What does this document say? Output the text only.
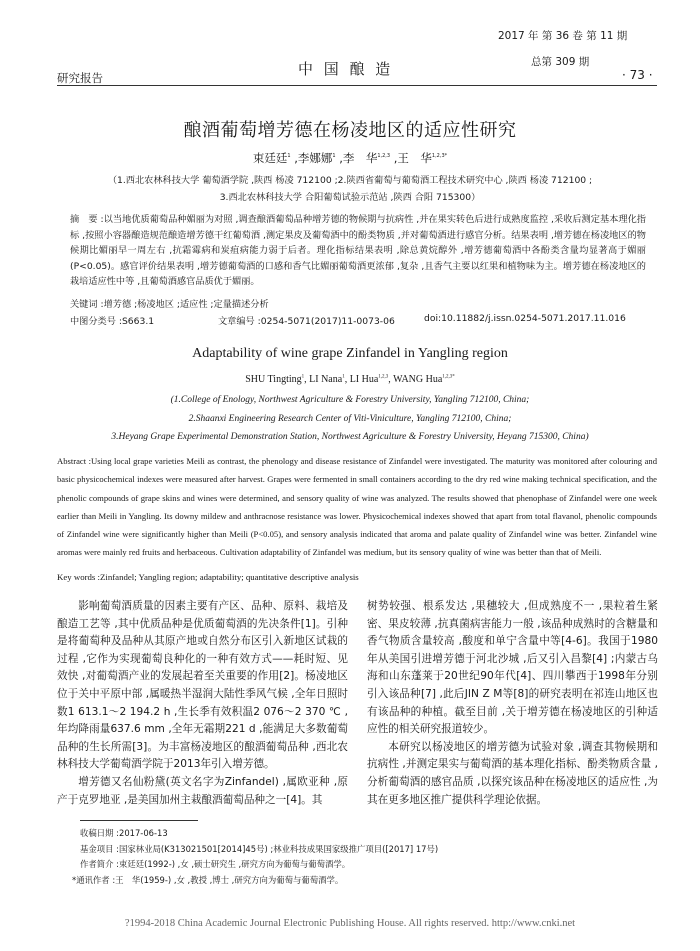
2017 年 第 36 卷 第 11 期
中 国 酿 造	总第 309 期
研究报告	· 73 ·
酿酒葡萄增芳德在杨凌地区的适应性研究
束廷廷$^1$ ,李娜娜$^1$ ,李　华$^{1,2,3}$ ,王　华$^{1,2,3*}$
（1.西北农林科技大学 葡萄酒学院 ,陕西 杨凌 712100 ;2.陕西省葡萄与葡萄酒工程技术研究中心 ,陕西 杨凌 712100 ;
3.西北农林科技大学 合阳葡萄试验示范站 ,陕西 合阳 715300）
摘　要 :以当地优质葡萄品种媚丽为对照 ,调查酿酒葡萄品种增芳德的物候期与抗病性 ,并在果实转色后进行成熟度监控 ,采收后测定基本理化指标 ,按照小容器酿造规范酿造增芳德干红葡萄酒 ,测定果皮及葡萄酒中的酚类物质 ,并对葡萄酒进行感官分析。结果表明 ,增芳德在杨凌地区的物候期比媚丽早一周左右 ,抗霜霉病和炭疽病能力弱于后者。理化指标结果表明 ,除总黄烷醇外 ,增芳德葡萄酒中各酚类含量均显著高于媚丽(P<0.05)。感官评价结果表明 ,增芳德葡萄酒的口感和香气比媚丽葡萄酒更浓郁 ,复杂 ,且香气主要以红果和植物味为主。增芳德在杨凌地区的栽培适应性中等 ,且葡萄酒感官品质优于媚丽。
关键词 :增芳德 ;杨凌地区 ;适应性 ;定量描述分析
中图分类号 :S663.1	文章编号 :0254-5071(2017)11-0073-06	doi:10.11882/j.issn.0254-5071.2017.11.016
Adaptability of wine grape Zinfandel in Yangling region
SHU Tingting$^1$, LI Nana$^1$, LI Hua$^{1,2,3}$, WANG Hua$^{1,2,3*}$
(1.College of Enology, Northwest Agriculture & Forestry University, Yangling 712100, China;
2.Shaanxi Engineering Research Center of Viti-Viniculture, Yangling 712100, China;
3.Heyang Grape Experimental Demonstration Station, Northwest Agriculture & Forestry University, Heyang 715300, China)
Abstract :Using local grape varieties Meili as contrast, the phenology and disease resistance of Zinfandel were investigated. The maturity was monitored after colouring and basic physicochemical indexes were measured after harvest. Grapes were fermented in small containers according to the dry red wine making technical specification, and the phenolic compounds of grape skins and wines were determined, and sensory quality of wine was analyzed. The results showed that phenophase of Zinfandel were one week earlier than Meili in Yangling. Its downy mildew and anthracnose resistance was lower. Physicochemical indexes showed that apart from total flavanol, phenolic compounds of Zinfandel wine were significantly higher than Meili (P<0.05), and sensory analysis indicated that aroma and palate quality of Zinfandel wine was better. Zinfandel wine aromas were mainly red fruits and herbaceous. Cultivation adaptability of Zinfandel was medium, but its sensory quality of wine was better than that of Meili.
Key words :Zinfandel; Yangling region; adaptability; quantitative descriptive analysis

影响葡萄酒质量的因素主要有产区、品种、原料、栽培及酿造工艺等 ,其中优质品种是优质葡萄酒的先决条件[1]。引种是将葡萄种及品种从其原产地或自然分布区引入新地区试栽的过程 ,它作为实现葡萄良种化的一种有效方式——耗时短、见效快 ,对葡萄酒产业的发展起着至关重要的作用[2]。杨凌地区位于关中平原中部 ,属暖热半湿润大陆性季风气候 ,全年日照时数1 613.1～2 194.2 h ,生长季有效积温2 076～2 370 ℃ ,年均降雨量637.6 mm ,全年无霜期221 d ,能满足大多数葡萄品种的生长所需[3]。为丰富杨凌地区的酿酒葡萄品种 ,西北农林科技大学葡萄酒学院于2013年引入增芳德。

增芳德又名仙粉黛(英文名字为Zinfandel) ,属欧亚种 ,原产于克罗地亚 ,是美国加州主栽酿酒葡萄品种之一[4]。其

树势较强、根系发达 ,果穗较大 ,但成熟度不一 ,果粒着生紧密、果皮较薄 ,抗真菌病害能力一般 ,该品种成熟时的含糖量和香气物质含量较高 ,酸度和单宁含量中等[4-6]。我国于1980年从美国引进增芳德于河北沙城 ,后又引入昌黎[4] ;内蒙古乌海和山东蓬莱于20世纪90年代[4]、四川攀西于1998年分别引入该品种[7] ,此后JIN Z M等[8]的研究表明在祁连山地区也有该品种的种植。截至目前 ,关于增芳德在杨凌地区的引种适应性的相关研究报道较少。

本研究以杨凌地区的增芳德为试验对象 ,调查其物候期和抗病性 ,并测定果实与葡萄酒的基本理化指标、酚类物质含量 ,分析葡萄酒的感官品质 ,以探究该品种在杨凌地区的适应性 ,为其在更多地区推广提供科学理论依据。

收稿日期 :2017-06-13
基金项目 :国家林业局(K313021501[2014]45号) ;林业科技成果国家级推广项目([2017] 17号)
作者简介 :束廷廷(1992-) ,女 ,硕士研究生 ,研究方向为葡萄与葡萄酒学。
*通讯作者 :王　华(1959-) ,女 ,教授 ,博士 ,研究方向为葡萄与葡萄酒学。
?1994-2018 China Academic Journal Electronic Publishing House. All rights reserved. http://www.cnki.net
